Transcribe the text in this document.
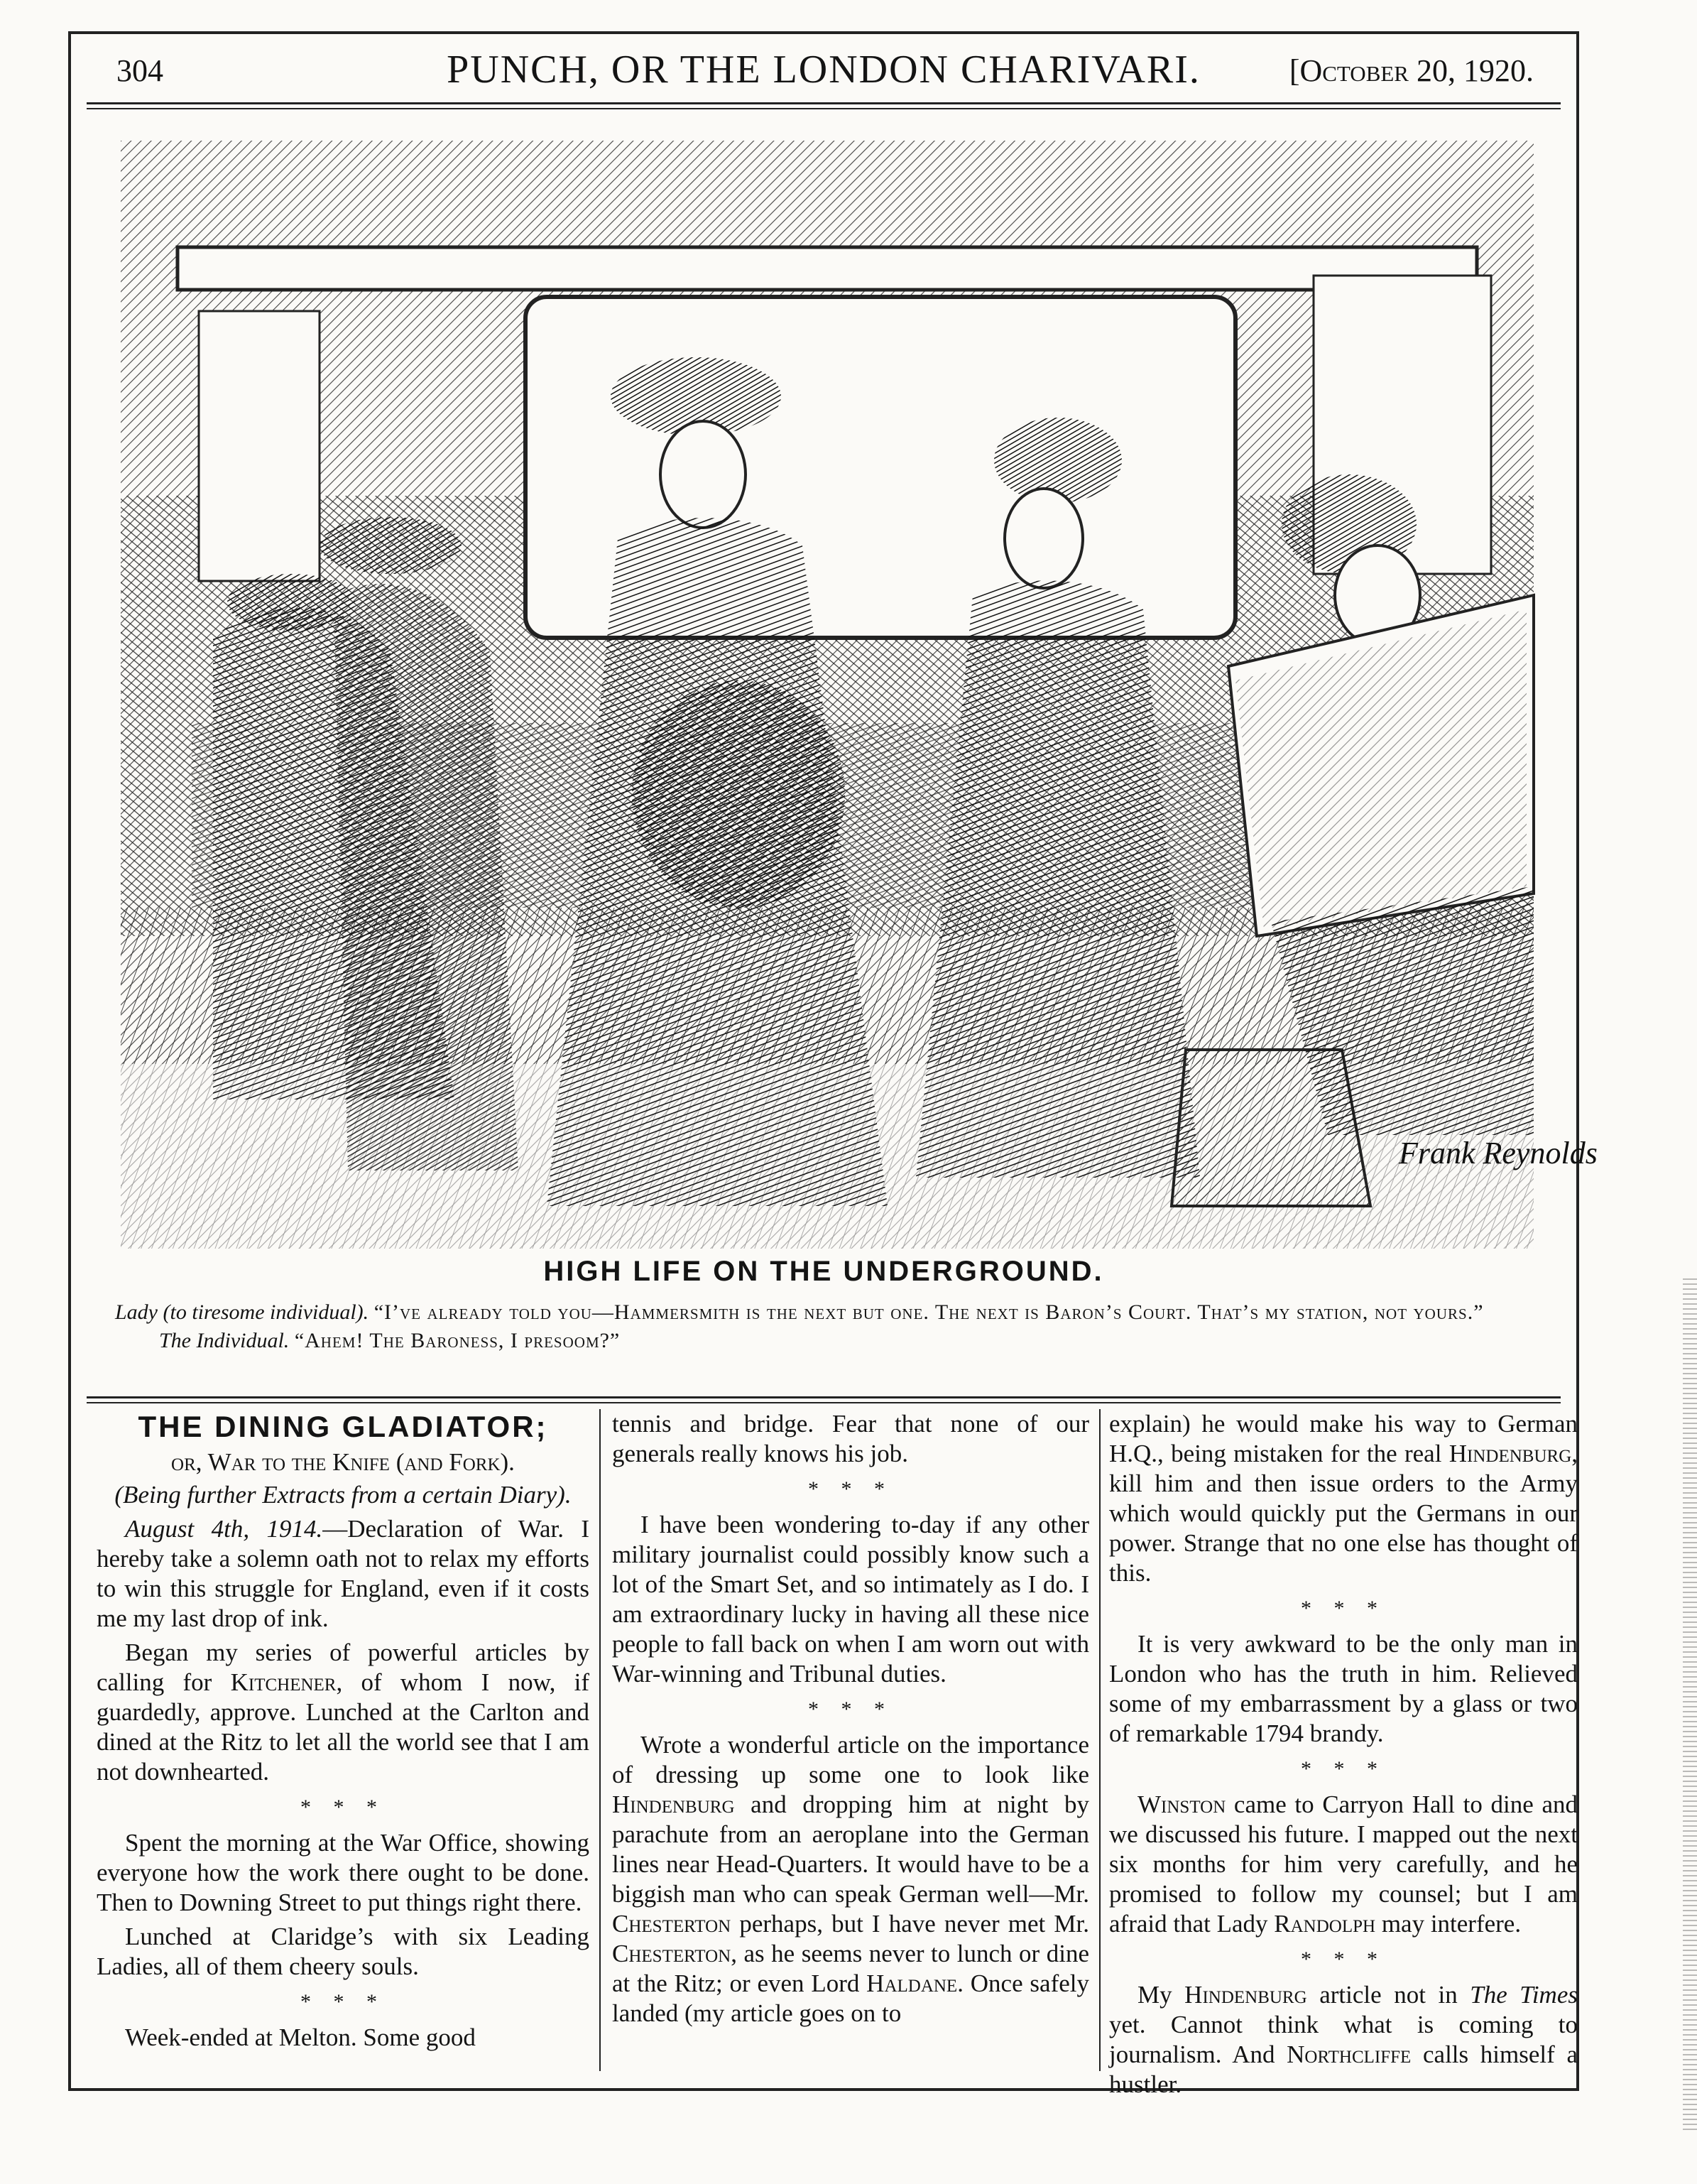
304	PUNCH, OR THE LONDON CHARIVARI.	[October 20, 1920.
Frank Reynolds
HIGH LIFE ON THE UNDERGROUND.
Lady (to tiresome individual). “I’ve already told you—Hammersmith is the next but one. The next is Baron’s Court. That’s my station, not yours.”
The Individual. “Ahem! The Baroness, I presoom?”
THE DINING GLADIATOR;
or, War to the Knife (and Fork).
(Being further Extracts from a certain Diary).

August 4th, 1914.—Declaration of War. I hereby take a solemn oath not to relax my efforts to win this struggle for England, even if it costs me my last drop of ink.

Began my series of powerful articles by calling for Kitchener, of whom I now, if guardedly, approve. Lunched at the Carlton and dined at the Ritz to let all the world see that I am not downhearted.

* * *

Spent the morning at the War Office, showing everyone how the work there ought to be done. Then to Downing Street to put things right there.

Lunched at Claridge’s with six Leading Ladies, all of them cheery souls.

* * *

Week-ended at Melton. Some good

tennis and bridge. Fear that none of our generals really knows his job.

* * *

I have been wondering to-day if any other military journalist could possibly know such a lot of the Smart Set, and so intimately as I do. I am extraordinary lucky in having all these nice people to fall back on when I am worn out with War-winning and Tribunal duties.

* * *

Wrote a wonderful article on the importance of dressing up some one to look like Hindenburg and dropping him at night by parachute from an aeroplane into the German lines near Head-Quarters. It would have to be a biggish man who can speak German well—Mr. Chesterton perhaps, but I have never met Mr. Chesterton, as he seems never to lunch or dine at the Ritz; or even Lord Haldane. Once safely landed (my article goes on to

explain) he would make his way to German H.Q., being mistaken for the real Hindenburg, kill him and then issue orders to the Army which would quickly put the Germans in our power. Strange that no one else has thought of this.

* * *

It is very awkward to be the only man in London who has the truth in him. Relieved some of my embarrassment by a glass or two of remarkable 1794 brandy.

* * *

Winston came to Carryon Hall to dine and we discussed his future. I mapped out the next six months for him very carefully, and he promised to follow my counsel; but I am afraid that Lady Randolph may interfere.

* * *

My Hindenburg article not in The Times yet. Cannot think what is coming to journalism. And Northcliffe calls himself a hustler.
